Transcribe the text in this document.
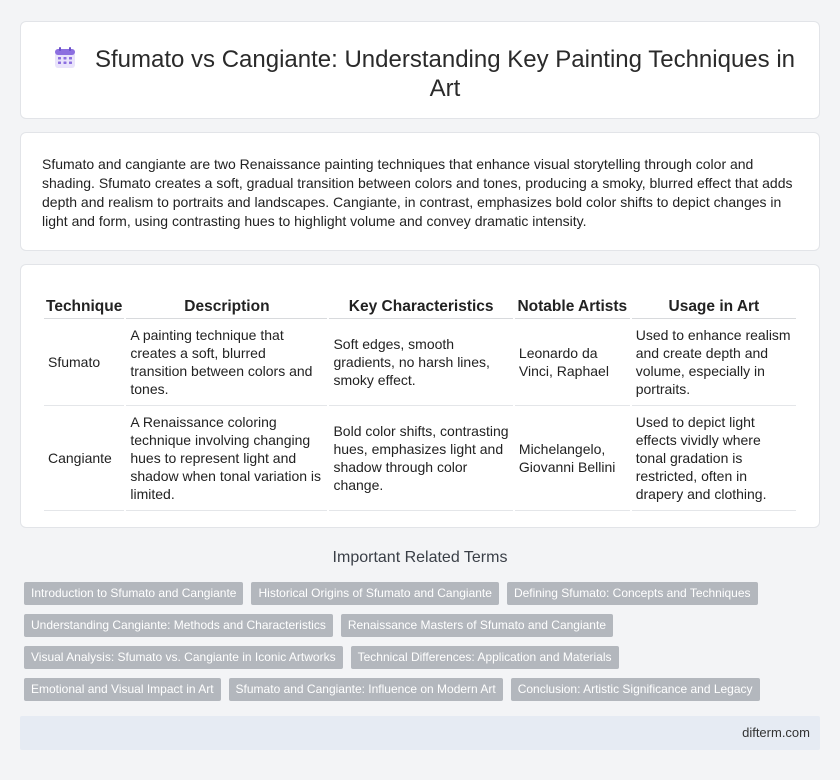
Sfumato vs Cangiante: Understanding Key Painting Techniques in Art

Sfumato and cangiante are two Renaissance painting techniques that enhance visual storytelling through color and shading. Sfumato creates a soft, gradual transition between colors and tones, producing a smoky, blurred effect that adds depth and realism to portraits and landscapes. Cangiante, in contrast, emphasizes bold color shifts to depict changes in light and form, using contrasting hues to highlight volume and convey dramatic intensity.

Technique	Description	Key Characteristics	Notable Artists	Usage in Art
Sfumato	A painting technique that creates a soft, blurred transition between colors and tones.	Soft edges, smooth gradients, no harsh lines, smoky effect.	Leonardo da Vinci, Raphael	Used to enhance realism and create depth and volume, especially in portraits.
Cangiante	A Renaissance coloring technique involving changing hues to represent light and shadow when tonal variation is limited.	Bold color shifts, contrasting hues, emphasizes light and shadow through color change.	Michelangelo, Giovanni Bellini	Used to depict light effects vividly where tonal gradation is restricted, often in drapery and clothing.
Important Related Terms
Introduction to Sfumato and Cangiante	Historical Origins of Sfumato and Cangiante	Defining Sfumato: Concepts and Techniques
Understanding Cangiante: Methods and Characteristics	Renaissance Masters of Sfumato and Cangiante
Visual Analysis: Sfumato vs. Cangiante in Iconic Artworks	Technical Differences: Application and Materials
Emotional and Visual Impact in Art	Sfumato and Cangiante: Influence on Modern Art	Conclusion: Artistic Significance and Legacy
difterm.com
